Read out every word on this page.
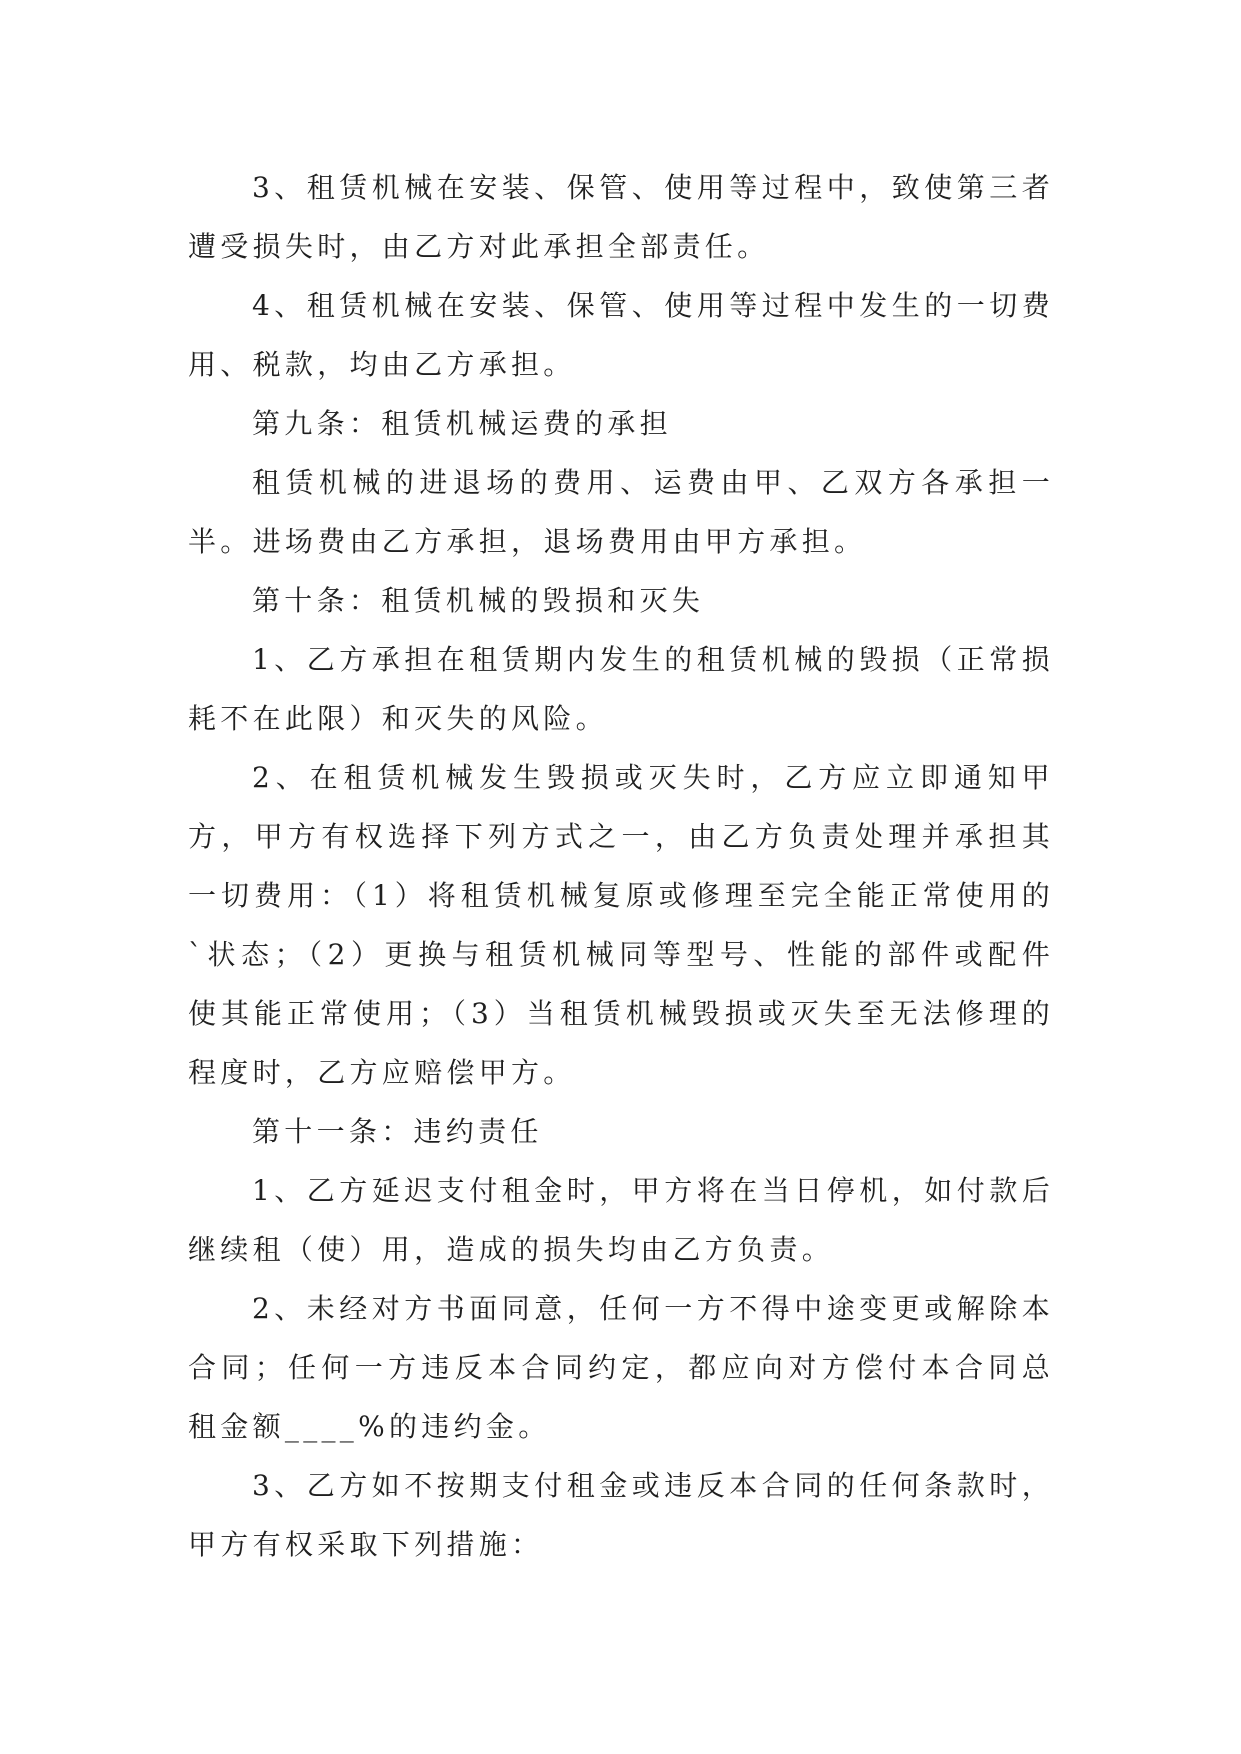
3、租赁机械在安装、保管、使用等过程中，致使第三者遭受损失时，由乙方对此承担全部责任。

4、租赁机械在安装、保管、使用等过程中发生的一切费用、税款，均由乙方承担。

第九条：租赁机械运费的承担

租赁机械的进退场的费用、运费由甲、乙双方各承担一半。进场费由乙方承担，退场费用由甲方承担。

第十条：租赁机械的毁损和灭失

1、乙方承担在租赁期内发生的租赁机械的毁损（正常损耗不在此限）和灭失的风险。

2、在租赁机械发生毁损或灭失时，乙方应立即通知甲方，甲方有权选择下列方式之一，由乙方负责处理并承担其一切费用：（1）将租赁机械复原或修理至完全能正常使用的`状态；（2）更换与租赁机械同等型号、性能的部件或配件使其能正常使用；（3）当租赁机械毁损或灭失至无法修理的程度时，乙方应赔偿甲方。

第十一条：违约责任

1、乙方延迟支付租金时，甲方将在当日停机，如付款后继续租（使）用，造成的损失均由乙方负责。

2、未经对方书面同意，任何一方不得中途变更或解除本合同；任何一方违反本合同约定，都应向对方偿付本合同总租金额____%的违约金。

3、乙方如不按期支付租金或违反本合同的任何条款时，甲方有权采取下列措施：
